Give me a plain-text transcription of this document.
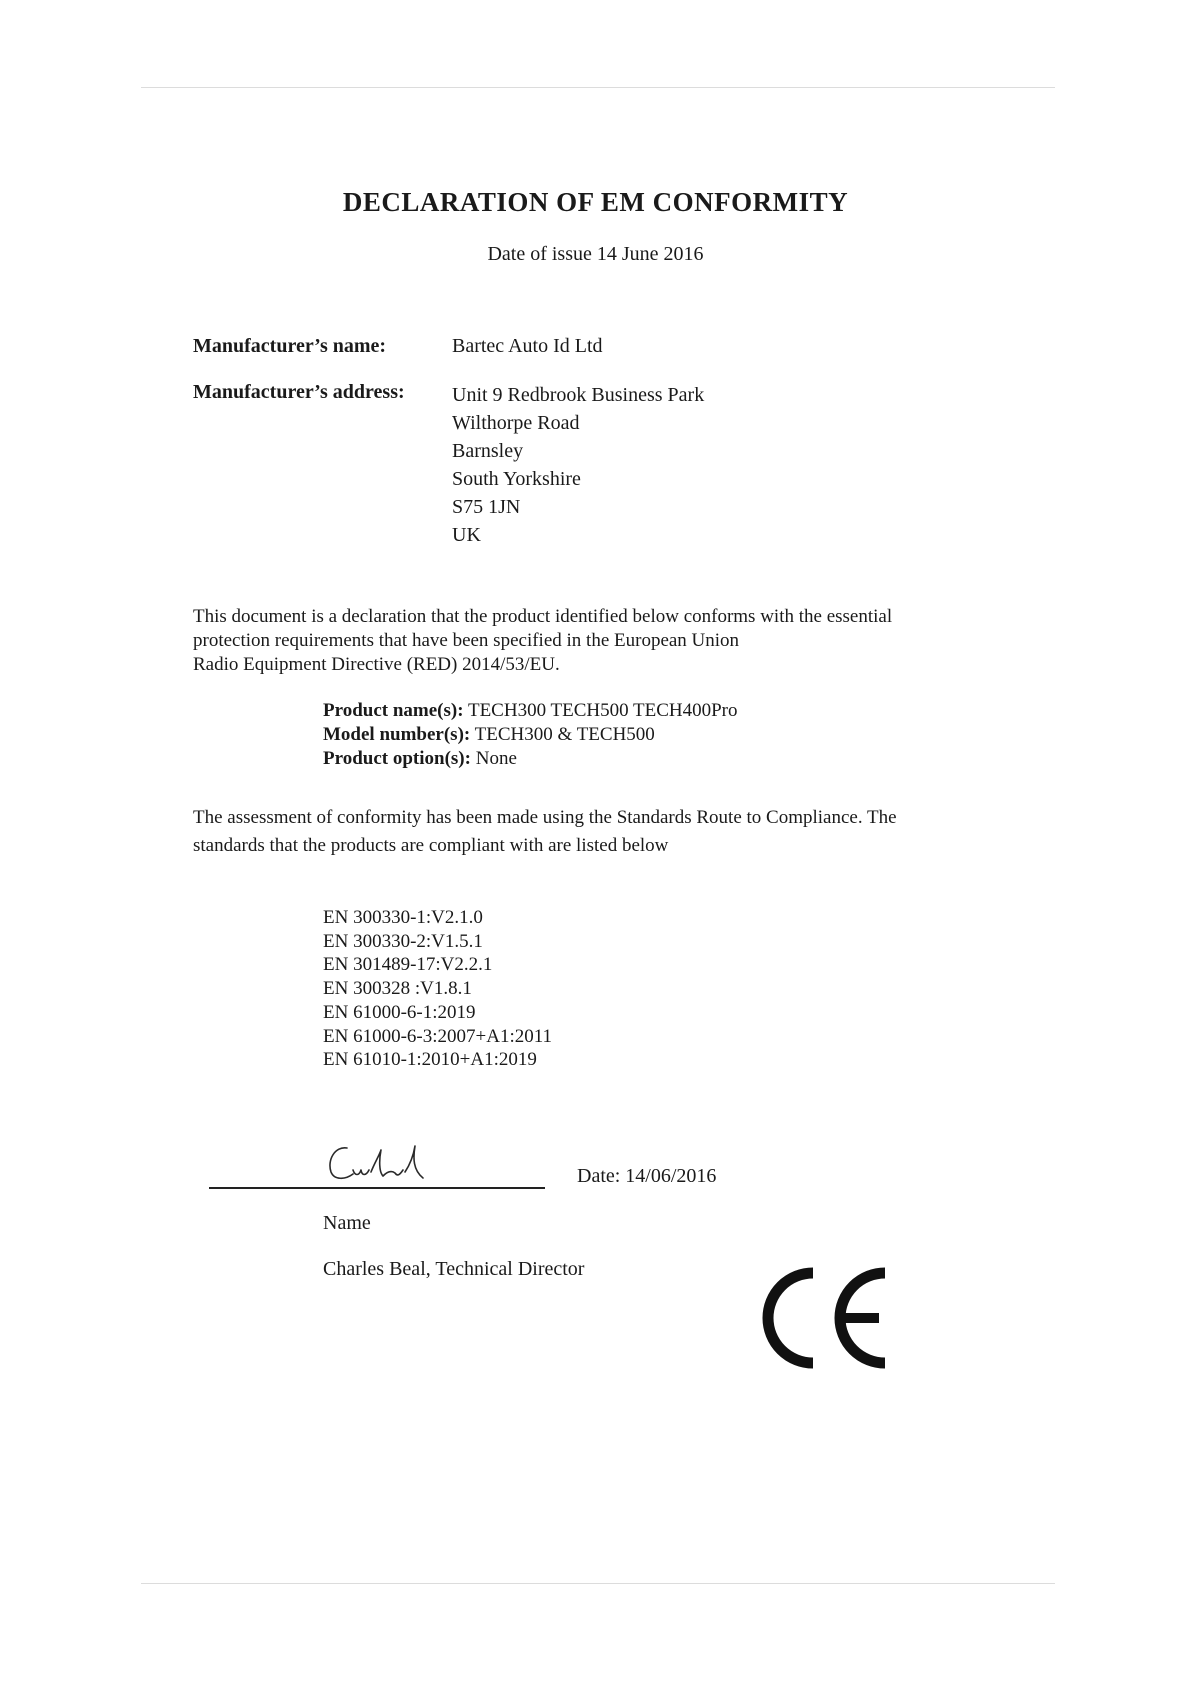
DECLARATION OF EM CONFORMITY
Date of issue 14 June 2016
Manufacturer’s name:	Bartec Auto Id Ltd
Manufacturer’s address: Unit 9 Redbrook Business Park
Wilthorpe Road
Barnsley
South Yorkshire
S75 1JN
UK
This document is a declaration that the product identified below conforms with the essential
protection requirements that have been specified in the European Union
Radio Equipment Directive (RED) 2014/53/EU.
Product name(s): TECH300 TECH500 TECH400Pro
Model number(s): TECH300 & TECH500
Product option(s): None
The assessment of conformity has been made using the Standards Route to Compliance. The
standards that the products are compliant with are listed below
EN 300330-1:V2.1.0
EN 300330-2:V1.5.1
EN 301489-17:V2.2.1
EN 300328 :V1.8.1
EN 61000-6-1:2019
EN 61000-6-3:2007+A1:2011
EN 61010-1:2010+A1:2019
Date: 14/06/2016
Name
Charles Beal, Technical Director
